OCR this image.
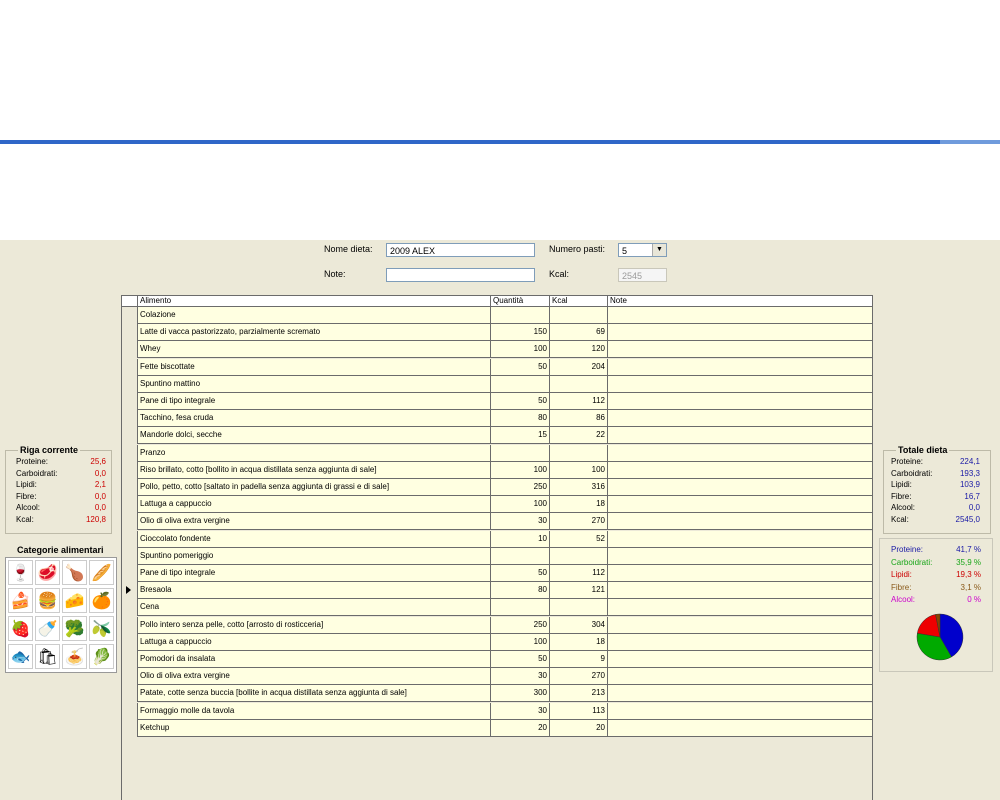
Nome dieta:	2009 ALEX	Numero pasti:	5	▼
Note:	Kcal:	2545
Alimento	Quantità	Kcal	Note
Colazione
Latte di vacca pastorizzato, parzialmente scremato	150	69
Whey	100	120
Fette biscottate	50	204
Spuntino mattino
Pane di tipo integrale	50	112
Tacchino, fesa cruda	80	86
Mandorle dolci, secche	15	22
Pranzo
Riso brillato, cotto [bollito in acqua distillata senza aggiunta di sale]	100	100
Pollo, petto, cotto [saltato in padella senza aggiunta di grassi e di sale]	250	316
Lattuga a cappuccio	100	18
Olio di oliva extra vergine	30	270
Cioccolato fondente	10	52
Spuntino pomeriggio
Pane di tipo integrale	50	112
Bresaola	80	121
Cena
Pollo intero senza pelle, cotto [arrosto di rosticceria]	250	304
Lattuga a cappuccio	100	18
Pomodori da insalata	50	9
Olio di oliva extra vergine	30	270
Patate, cotte senza buccia [bollite in acqua distillata senza aggiunta di sale]	300	213
Formaggio molle da tavola	30	113
Ketchup	20	20
Riga corrente
Proteine:	25,6
Carboidrati:	0,0
Lipidi:	2,1
Fibre:	0,0
Alcool:	0,0
Kcal:	120,8
Categorie alimentari
🍷 🥩 🍗 🥖
🍰 🍔 🧀 🍊
🍓 🍼 🥦 🫒
🐟 🛍 🍝 🥬
Totale dieta
Proteine:	224,1
Carboidrati:	193,3
Lipidi:	103,9
Fibre:	16,7
Alcool:	0,0
Kcal:	2545,0
Proteine:	41,7 %
Carboidrati:	35,9 %
Lipidi:	19,3 %
Fibre:	3,1 %
Alcool:	0 %
